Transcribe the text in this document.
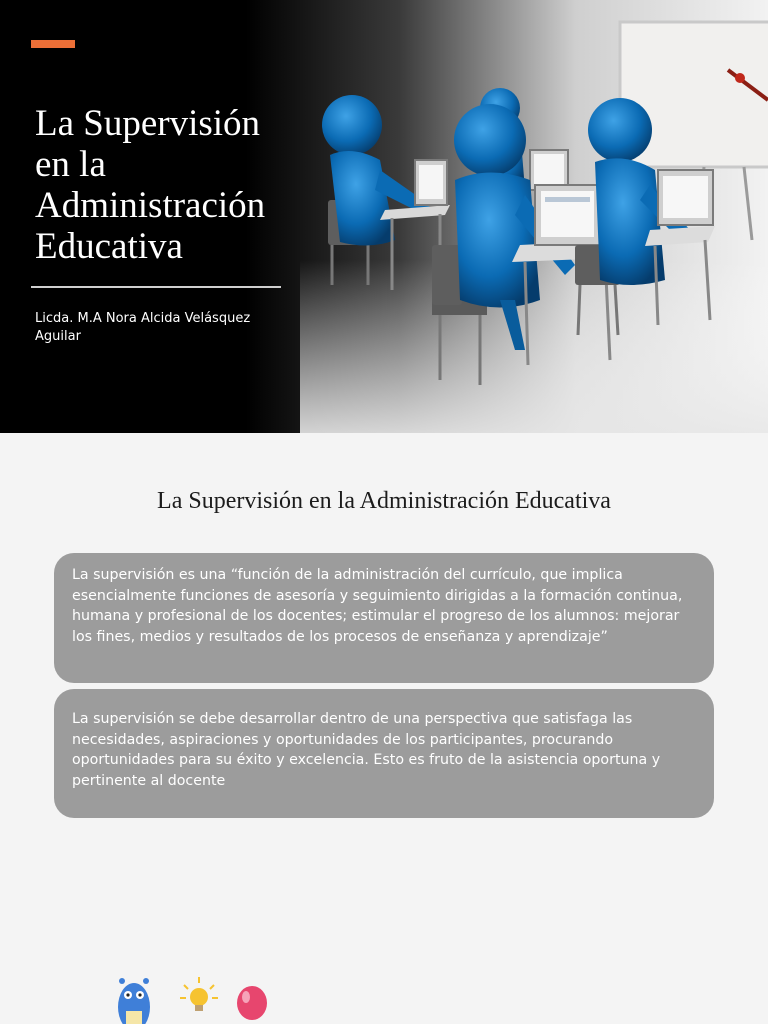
La Supervisión
en la
Administración
Educativa
Licda. M.A Nora Alcida Velásquez
Aguilar
La Supervisión en la Administración Educativa
La supervisión es una “función de la administración del currículo, que implica esencialmente funciones de asesoría y seguimiento dirigidas a la formación continua, humana y profesional de los docentes; estimular el progreso de los alumnos: mejorar los fines, medios y resultados de los procesos de enseñanza y aprendizaje”
La supervisión se debe desarrollar dentro de una perspectiva que satisfaga las necesidades, aspiraciones y oportunidades de los participantes, procurando oportunidades para su éxito y excelencia. Esto es fruto de la asistencia oportuna y pertinente al docente
